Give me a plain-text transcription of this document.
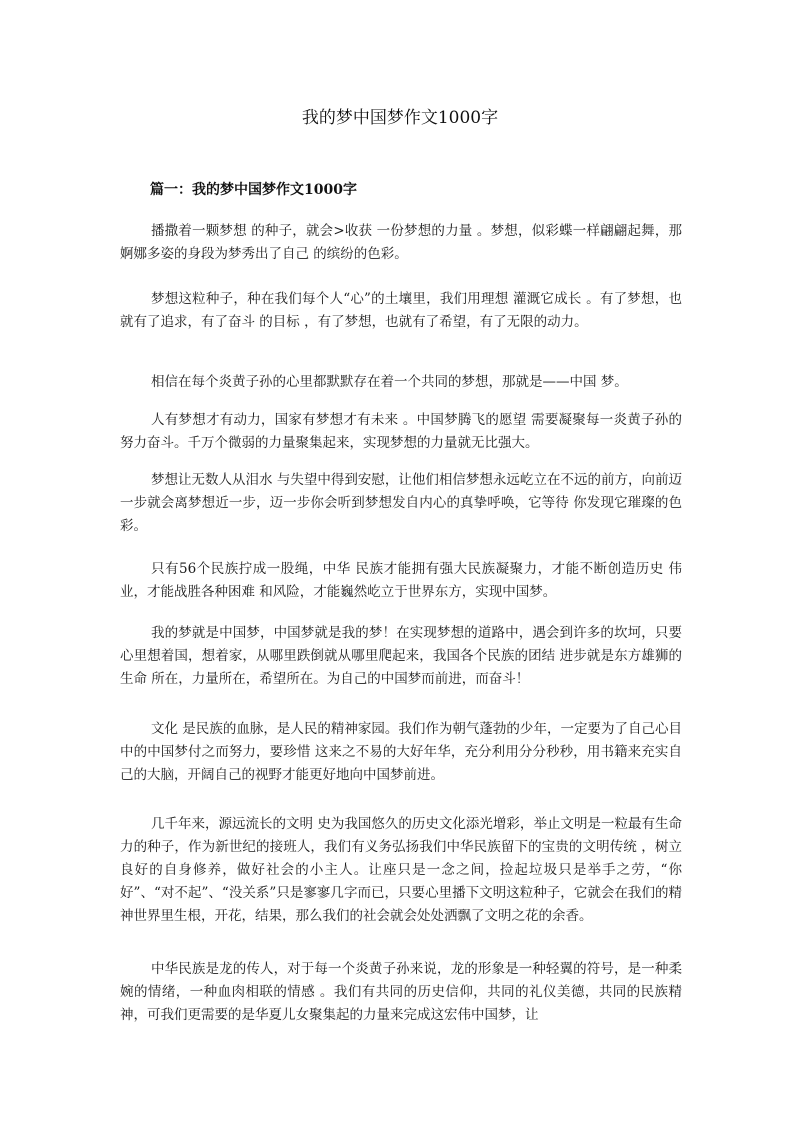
我的梦中国梦作文1000字
篇一：我的梦中国梦作文1000字

播撒着一颗梦想 的种子，就会>收获 一份梦想的力量 。梦想，似彩蝶一样翩翩起舞，那婀娜多姿的身段为梦秀出了自己 的缤纷的色彩。

梦想这粒种子，种在我们每个人“心”的土壤里，我们用理想 灌溉它成长 。有了梦想，也就有了追求，有了奋斗 的目标 ，有了梦想，也就有了希望，有了无限的动力。

相信在每个炎黄子孙的心里都默默存在着一个共同的梦想，那就是——中国 梦。

人有梦想才有动力，国家有梦想才有未来 。中国梦腾飞的愿望 需要凝聚每一炎黄子孙的努力奋斗。千万个微弱的力量聚集起来，实现梦想的力量就无比强大。

梦想让无数人从泪水 与失望中得到安慰，让他们相信梦想永远屹立在不远的前方，向前迈一步就会离梦想近一步，迈一步你会听到梦想发自内心的真挚呼唤，它等待 你发现它璀璨的色彩。

只有56个民族拧成一股绳，中华 民族才能拥有强大民族凝聚力，才能不断创造历史 伟业，才能战胜各种困难 和风险，才能巍然屹立于世界东方，实现中国梦。

我的梦就是中国梦，中国梦就是我的梦！在实现梦想的道路中，遇会到许多的坎坷，只要心里想着国，想着家，从哪里跌倒就从哪里爬起来，我国各个民族的团结 进步就是东方雄狮的生命 所在，力量所在，希望所在。为自己的中国梦而前进，而奋斗！

文化 是民族的血脉，是人民的精神家园。我们作为朝气蓬勃的少年，一定要为了自己心目中的中国梦付之而努力，要珍惜 这来之不易的大好年华，充分利用分分秒秒，用书籍来充实自己的大脑，开阔自己的视野才能更好地向中国梦前进。

几千年来，源远流长的文明 史为我国悠久的历史文化添光增彩，举止文明是一粒最有生命力的种子，作为新世纪的接班人，我们有义务弘扬我们中华民族留下的宝贵的文明传统 ，树立良好的自身修养，做好社会的小主人。让座只是一念之间，捡起垃圾只是举手之劳，“你好”、“对不起”、“没关系”只是寥寥几字而已，只要心里播下文明这粒种子，它就会在我们的精神世界里生根，开花，结果，那么我们的社会就会处处洒飘了文明之花的余香。

中华民族是龙的传人，对于每一个炎黄子孙来说，龙的形象是一种轻翼的符号，是一种柔婉的情绪，一种血肉相联的情感 。我们有共同的历史信仰，共同的礼仪美德，共同的民族精神，可我们更需要的是华夏儿女聚集起的力量来完成这宏伟中国梦，让
